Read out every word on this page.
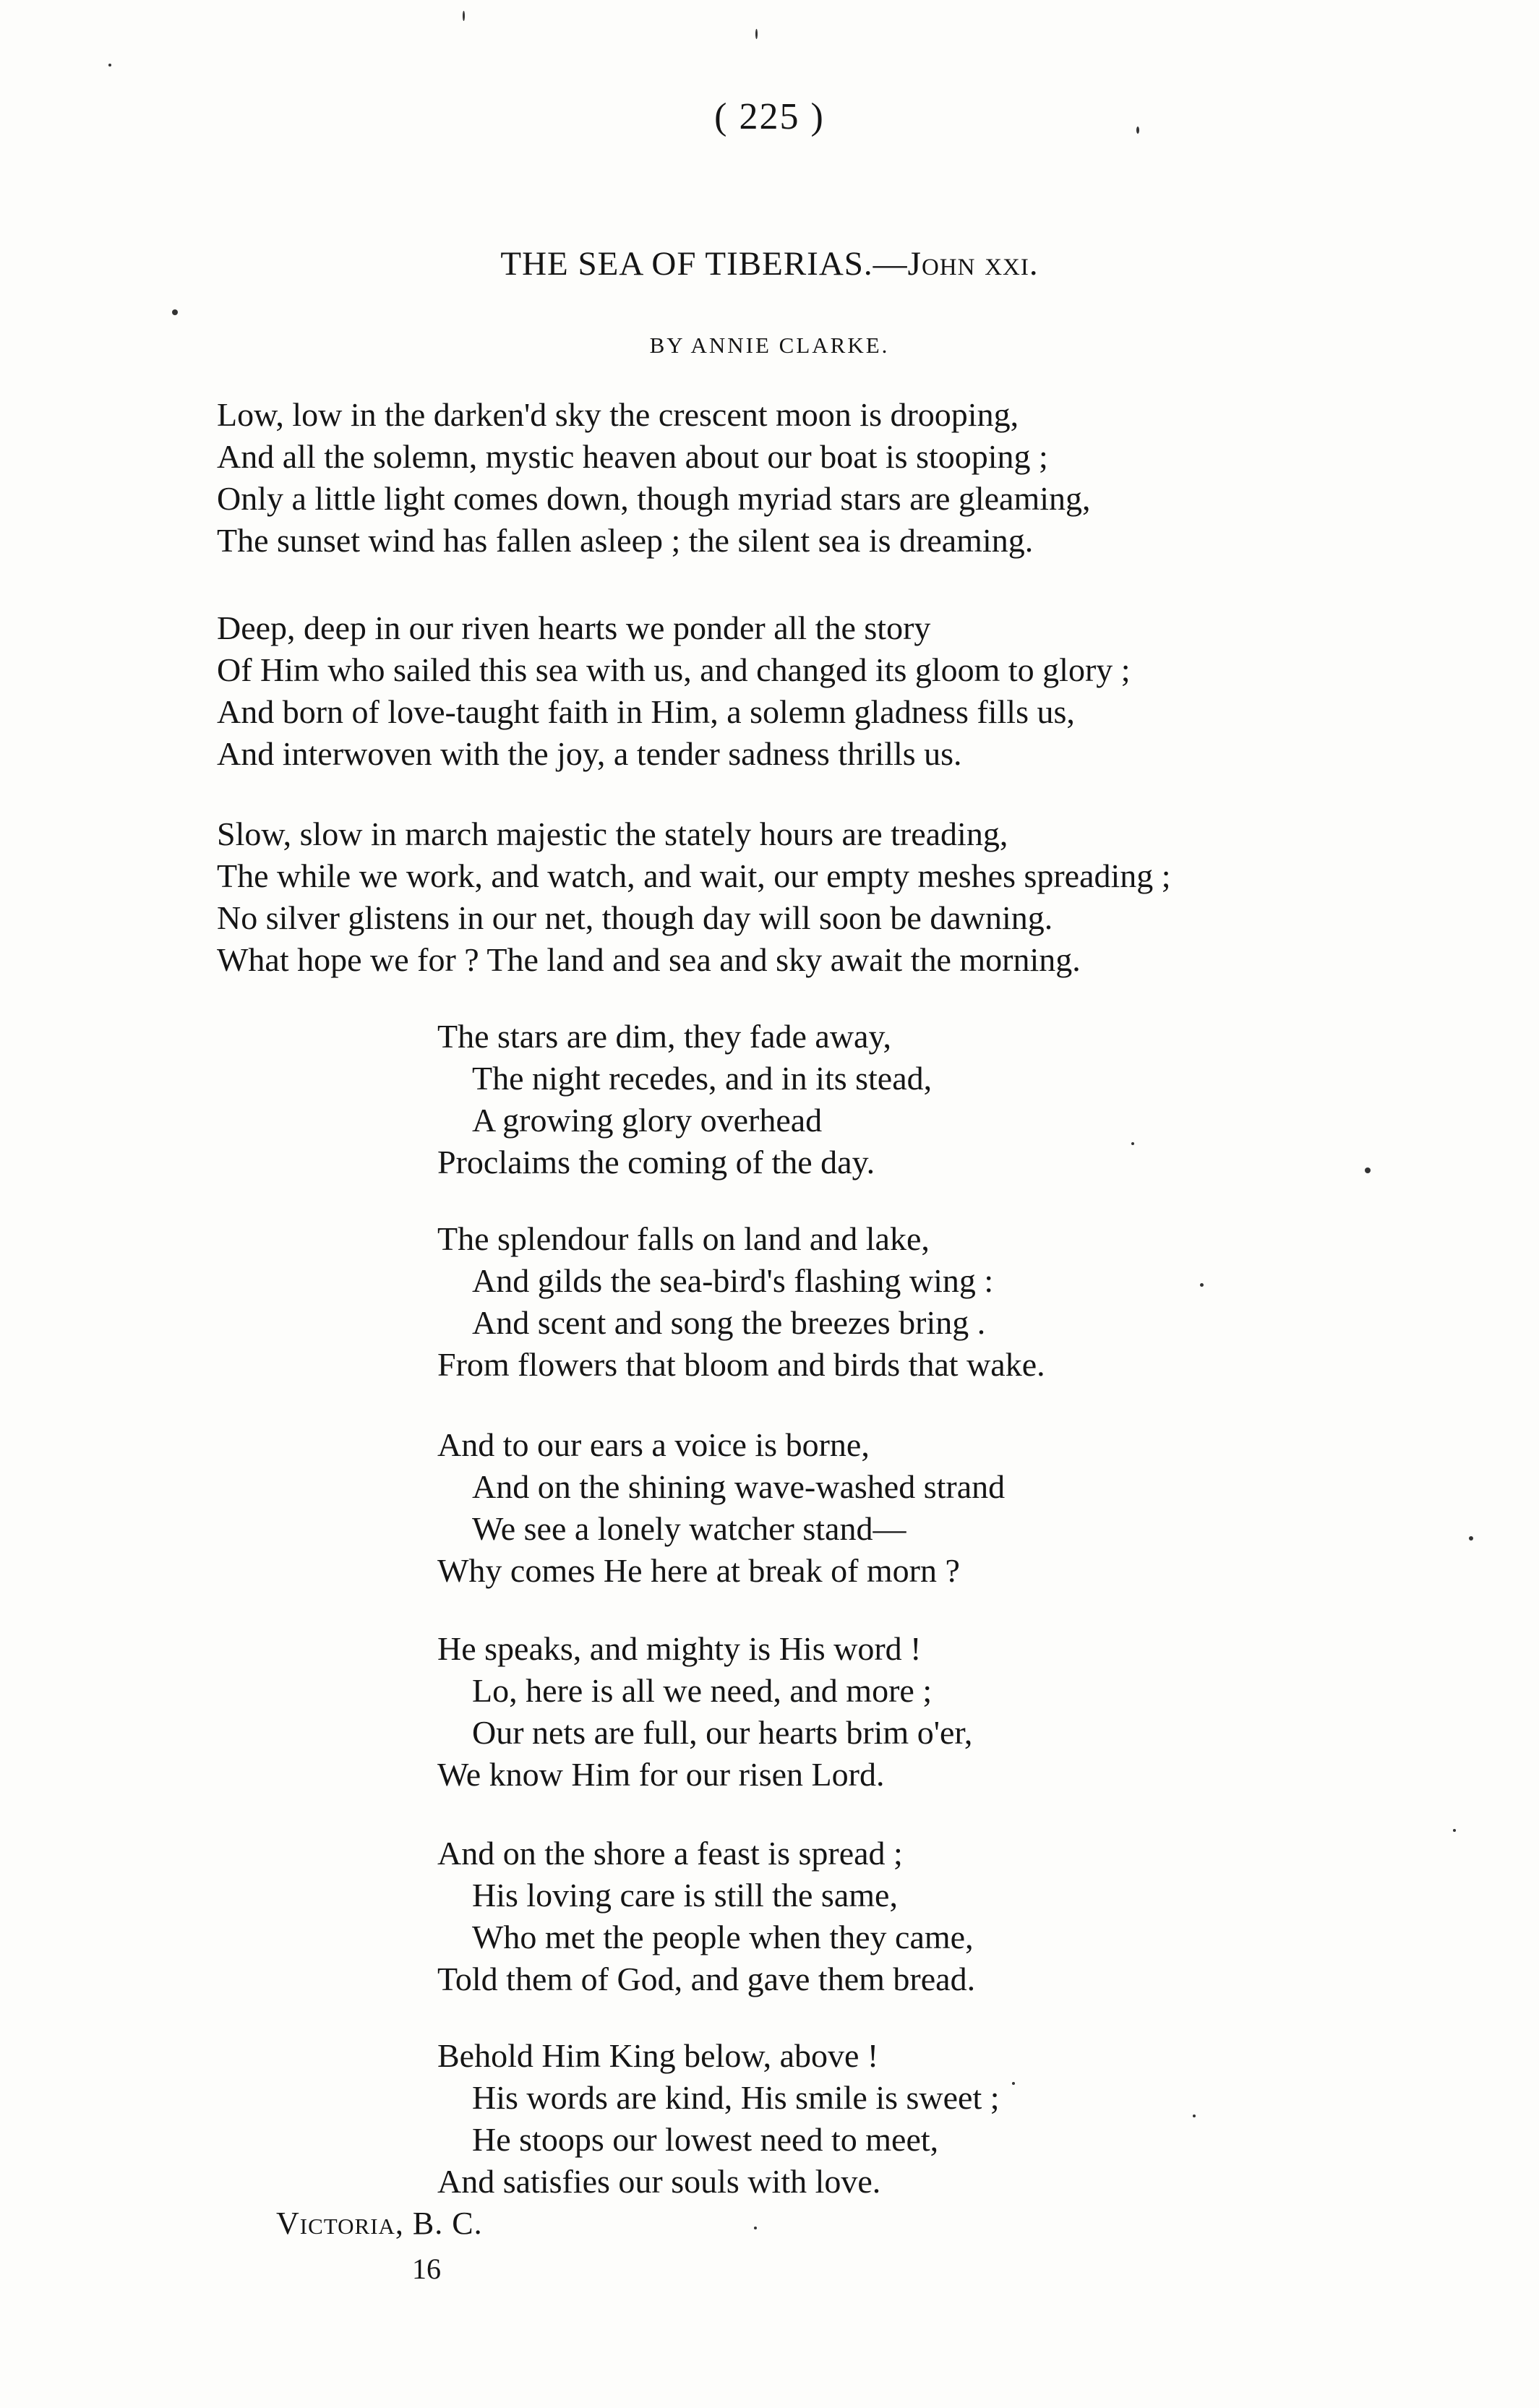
( 225 )
THE SEA OF TIBERIAS.—John xxi.
BY ANNIE CLARKE.
Low, low in the darken'd sky the crescent moon is drooping,
And all the solemn, mystic heaven about our boat is stooping ;
Only a little light comes down, though myriad stars are gleaming,
The sunset wind has fallen asleep ; the silent sea is dreaming.
Deep, deep in our riven hearts we ponder all the story
Of Him who sailed this sea with us, and changed its gloom to glory ;
And born of love-taught faith in Him, a solemn gladness fills us,
And interwoven with the joy, a tender sadness thrills us.
Slow, slow in march majestic the stately hours are treading,
The while we work, and watch, and wait, our empty meshes spreading ;
No silver glistens in our net, though day will soon be dawning.
What hope we for ? The land and sea and sky await the morning.
The stars are dim, they fade away,
The night recedes, and in its stead,
A growing glory overhead
Proclaims the coming of the day.
The splendour falls on land and lake,
And gilds the sea-bird's flashing wing :
And scent and song the breezes bring .
From flowers that bloom and birds that wake.
And to our ears a voice is borne,
And on the shining wave-washed strand
We see a lonely watcher stand—
Why comes He here at break of morn ?
He speaks, and mighty is His word !
Lo, here is all we need, and more ;
Our nets are full, our hearts brim o'er,
We know Him for our risen Lord.
And on the shore a feast is spread ;
His loving care is still the same,
Who met the people when they came,
Told them of God, and gave them bread.
Behold Him King below, above !
His words are kind, His smile is sweet ;
He stoops our lowest need to meet,
And satisfies our souls with love.
Victoria, B. C.
16
